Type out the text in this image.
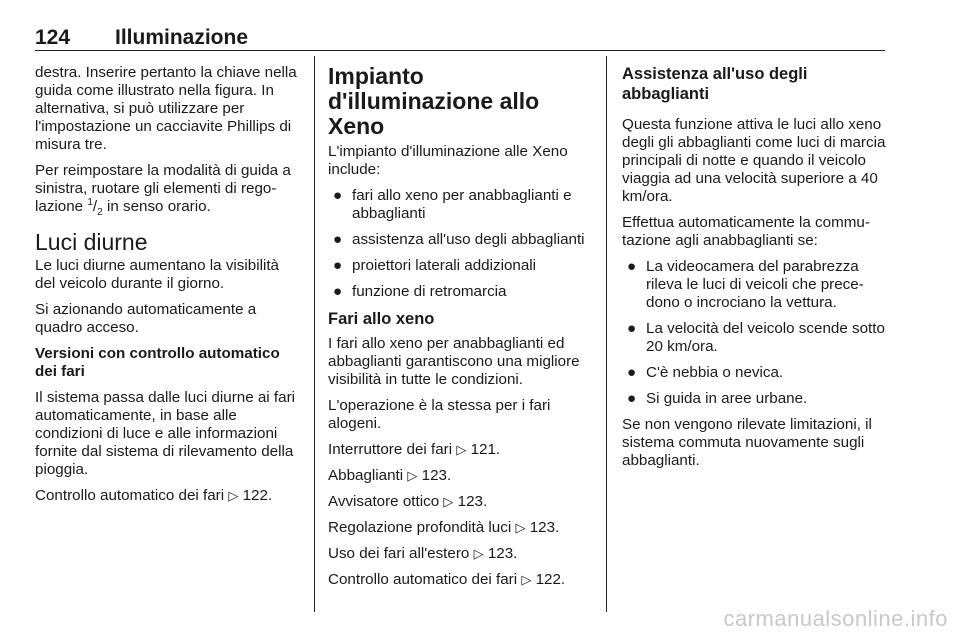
124 Illuminazione

destra. Inserire pertanto la chiave nella guida come illustrato nella figura. In alternativa, si può utilizzare per l'impostazione un cacciavite Phillips di misura tre.

Per reimpostare la modalità di guida a sinistra, ruotare gli elementi di regolazione $^1/_2$ in senso orario.

Luci diurne

Le luci diurne aumentano la visibilità del veicolo durante il giorno.

Si azionando automaticamente a quadro acceso.

Versioni con controllo automatico dei fari

Il sistema passa dalle luci diurne ai fari automaticamente, in base alle condizioni di luce e alle informazioni fornite dal sistema di rilevamento della pioggia.

Controllo automatico dei fari ▷ 122.

Impianto d'illuminazione allo Xeno

L'impianto d'illuminazione alle Xeno include:

● fari allo xeno per anabbaglianti e abbaglianti
● assistenza all'uso degli abbaglianti
● proiettori laterali addizionali
● funzione di retromarcia
Fari allo xeno

I fari allo xeno per anabbaglianti ed abbaglianti garantiscono una migliore visibilità in tutte le condizioni.

L'operazione è la stessa per i fari alogeni.

Interruttore dei fari ▷ 121.

Abbaglianti ▷ 123.

Avvisatore ottico ▷ 123.

Regolazione profondità luci ▷ 123.

Uso dei fari all'estero ▷ 123.

Controllo automatico dei fari ▷ 122.

Assistenza all'uso degli abbaglianti

Questa funzione attiva le luci allo xeno degli gli abbaglianti come luci di marcia principali di notte e quando il veicolo viaggia ad una velocità superiore a 40 km/ora.

Effettua automaticamente la commutazione agli anabbaglianti se:

● La videocamera del parabrezza rileva le luci di veicoli che precedono o incrociano la vettura.
● La velocità del veicolo scende sotto 20 km/ora.
● C'è nebbia o nevica.
● Si guida in aree urbane.

Se non vengono rilevate limitazioni, il sistema commuta nuovamente sugli abbaglianti.

carmanualsonline.info
